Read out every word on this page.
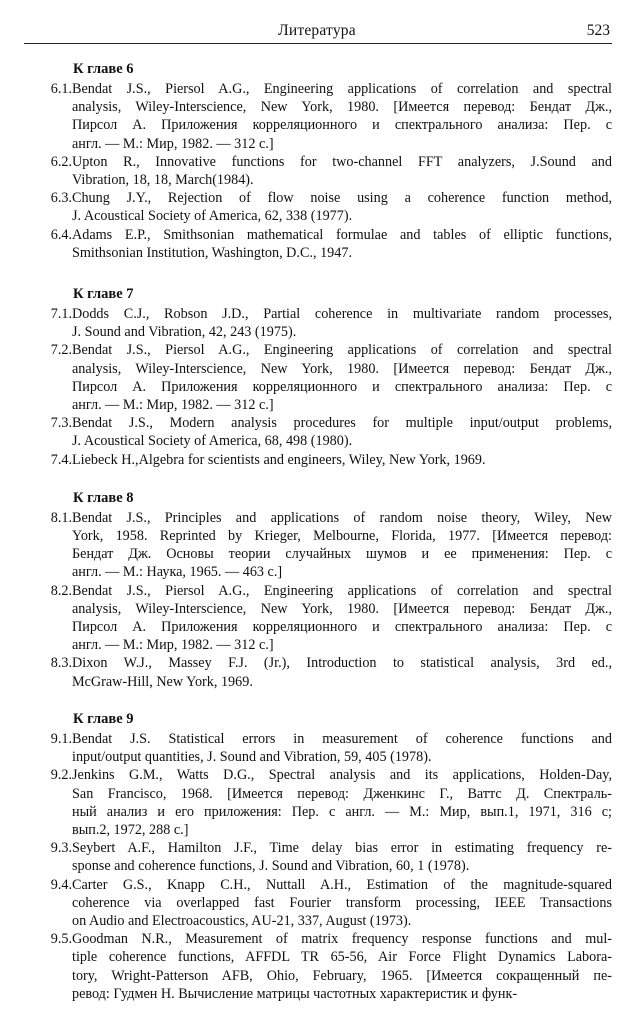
Литература	523
К главе 6
6.1. Bendat J.S., Piersol A.G., Engineering applications of correlation and spectral
analysis, Wiley-Interscience, New York, 1980. [Имеется перевод: Бендат Дж.,
Пирсол А. Приложения корреляционного и спектрального анализа: Пер. с
англ. — М.: Мир, 1982. — 312 с.]
6.2. Upton R., Innovative functions for two-channel FFT analyzers, J.Sound and
Vibration, 18, 18, March(1984).
6.3. Chung J.Y., Rejection of flow noise using a coherence function method,
J. Acoustical Society of America, 62, 338 (1977).
6.4. Adams E.P., Smithsonian mathematical formulae and tables of elliptic functions,
Smithsonian Institution, Washington, D.C., 1947.
К главе 7
7.1. Dodds C.J., Robson J.D., Partial coherence in multivariate random processes,
J. Sound and Vibration, 42, 243 (1975).
7.2. Bendat J.S., Piersol A.G., Engineering applications of correlation and spectral
analysis, Wiley-Interscience, New York, 1980. [Имеется перевод: Бендат Дж.,
Пирсол А. Приложения корреляционного и спектрального анализа: Пер. с
англ. — М.: Мир, 1982. — 312 с.]
7.3. Bendat J.S., Modern analysis procedures for multiple input/output problems,
J. Acoustical Society of America, 68, 498 (1980).
7.4. Liebeck H.,Algebra for scientists and engineers, Wiley, New York, 1969.
К главе 8
8.1. Bendat J.S., Principles and applications of random noise theory, Wiley, New
York, 1958. Reprinted by Krieger, Melbourne, Florida, 1977. [Имеется перевод:
Бендат Дж. Основы теории случайных шумов и ее применения: Пер. с
англ. — М.: Наука, 1965. — 463 с.]
8.2. Bendat J.S., Piersol A.G., Engineering applications of correlation and spectral
analysis, Wiley-Interscience, New York, 1980. [Имеется перевод: Бендат Дж.,
Пирсол А. Приложения корреляционного и спектрального анализа: Пер. с
англ. — М.: Мир, 1982. — 312 с.]
8.3. Dixon W.J., Massey F.J. (Jr.), Introduction to statistical analysis, 3rd ed.,
McGraw-Hill, New York, 1969.
К главе 9
9.1. Bendat J.S. Statistical errors in measurement of coherence functions and
input/output quantities, J. Sound and Vibration, 59, 405 (1978).
9.2. Jenkins G.M., Watts D.G., Spectral analysis and its applications, Holden-Day,
San Francisco, 1968. [Имеется перевод: Дженкинс Г., Ваттс Д. Спектраль-
ный анализ и его приложения: Пер. с англ. — М.: Мир, вып.1, 1971, 316 с;
вып.2, 1972, 288 с.]
9.3. Seybert A.F., Hamilton J.F., Time delay bias error in estimating frequency re-
sponse and coherence functions, J. Sound and Vibration, 60, 1 (1978).
9.4. Carter G.S., Knapp C.H., Nuttall A.H., Estimation of the magnitude-squared
coherence via overlapped fast Fourier transform processing, IEEE Transactions
on Audio and Electroacoustics, AU-21, 337, August (1973).
9.5. Goodman N.R., Measurement of matrix frequency response functions and mul-
tiple coherence functions, AFFDL TR 65-56, Air Force Flight Dynamics Labora-
tory, Wright-Patterson AFB, Ohio, February, 1965. [Имеется сокращенный пе-
ревод: Гудмен Н. Вычисление матрицы частотных характеристик и функ-
